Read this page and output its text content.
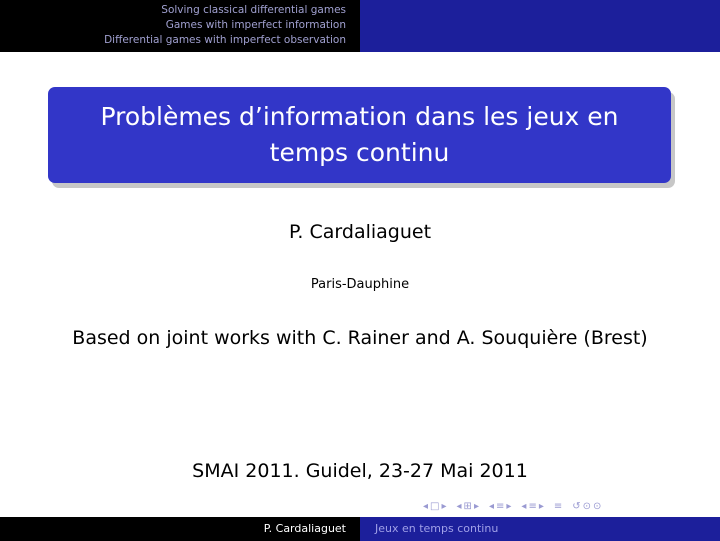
Solving classical differential games
Games with imperfect information
Differential games with imperfect observation
Problèmes d’information dans les jeux en temps continu
P. Cardaliaguet
Paris-Dauphine
Based on joint works with C. Rainer and A. Souquière (Brest)
SMAI 2011. Guidel, 23-27 Mai 2011
◂ □ ▸ ◂ ⊞ ▸ ◂ ≡ ▸ ◂ ≡ ▸ ≡ ↺ ⊙ ⊙
P. Cardaliaguet	Jeux en temps continu
